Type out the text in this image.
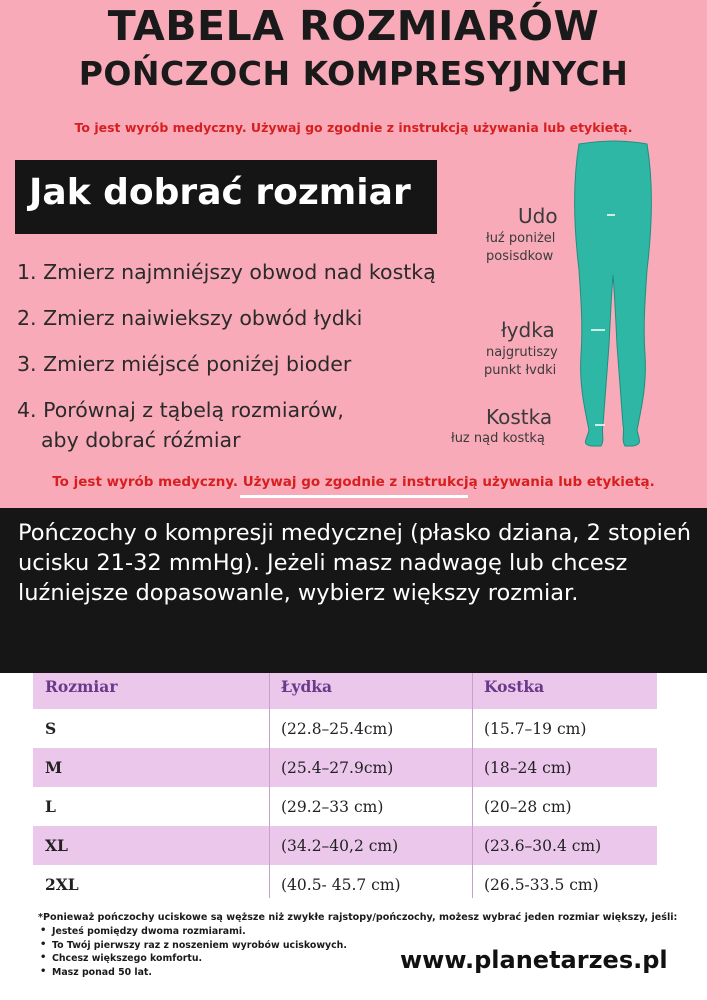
TABELA ROZMIARÓW
POŃCZOCH KOMPRESYJNYCH
To jest wyrób medyczny. Używaj go zgodnie z instrukcją używania lub etykietą.
Jak dobrać rozmiar
1. Zmierz najmniéjszy obwod nad kostką
2. Zmierz naiwiekszy obwód łydki
3. Zmierz miéjscé poniźej bioder
4. Porównaj z tąbelą rozmiarów,
aby dobrać róźmiar
Udo
łuź poniżel
posisdkow
łydka
najgrutiszy
punkt łvdki
Kostka
łuz nąd kostką
To jest wyrób medyczny. Używaj go zgodnie z instrukcją używania lub etykietą.
Pończochy o kompresji medycznej (płasko dziana, 2 stopień ucisku 21-32 mmHg). Jeżeli masz nadwagę lub chcesz luźniejsze dopasowanle, wybierz większy rozmiar.
Rozmiar	Łydka	Kostka
S	(22.8–25.4cm)	(15.7–19 cm)
M	(25.4–27.9cm)	(18–24 cm)
L	(29.2–33 cm)	(20–28 cm)
XL	(34.2–40,2 cm)	(23.6–30.4 cm)
2XL	(40.5- 45.7 cm)	(26.5-33.5 cm)
*Ponieważ pończochy uciskowe są węższe niż zwykłe rajstopy/pończochy, możesz wybrać jeden rozmiar większy, jeśli:
• Jesteś pomiędzy dwoma rozmiarami.
• To Twój pierwszy raz z noszeniem wyrobów uciskowych.
• Chcesz większego komfortu.
• Masz ponad 50 lat.	www.planetarzes.pl
